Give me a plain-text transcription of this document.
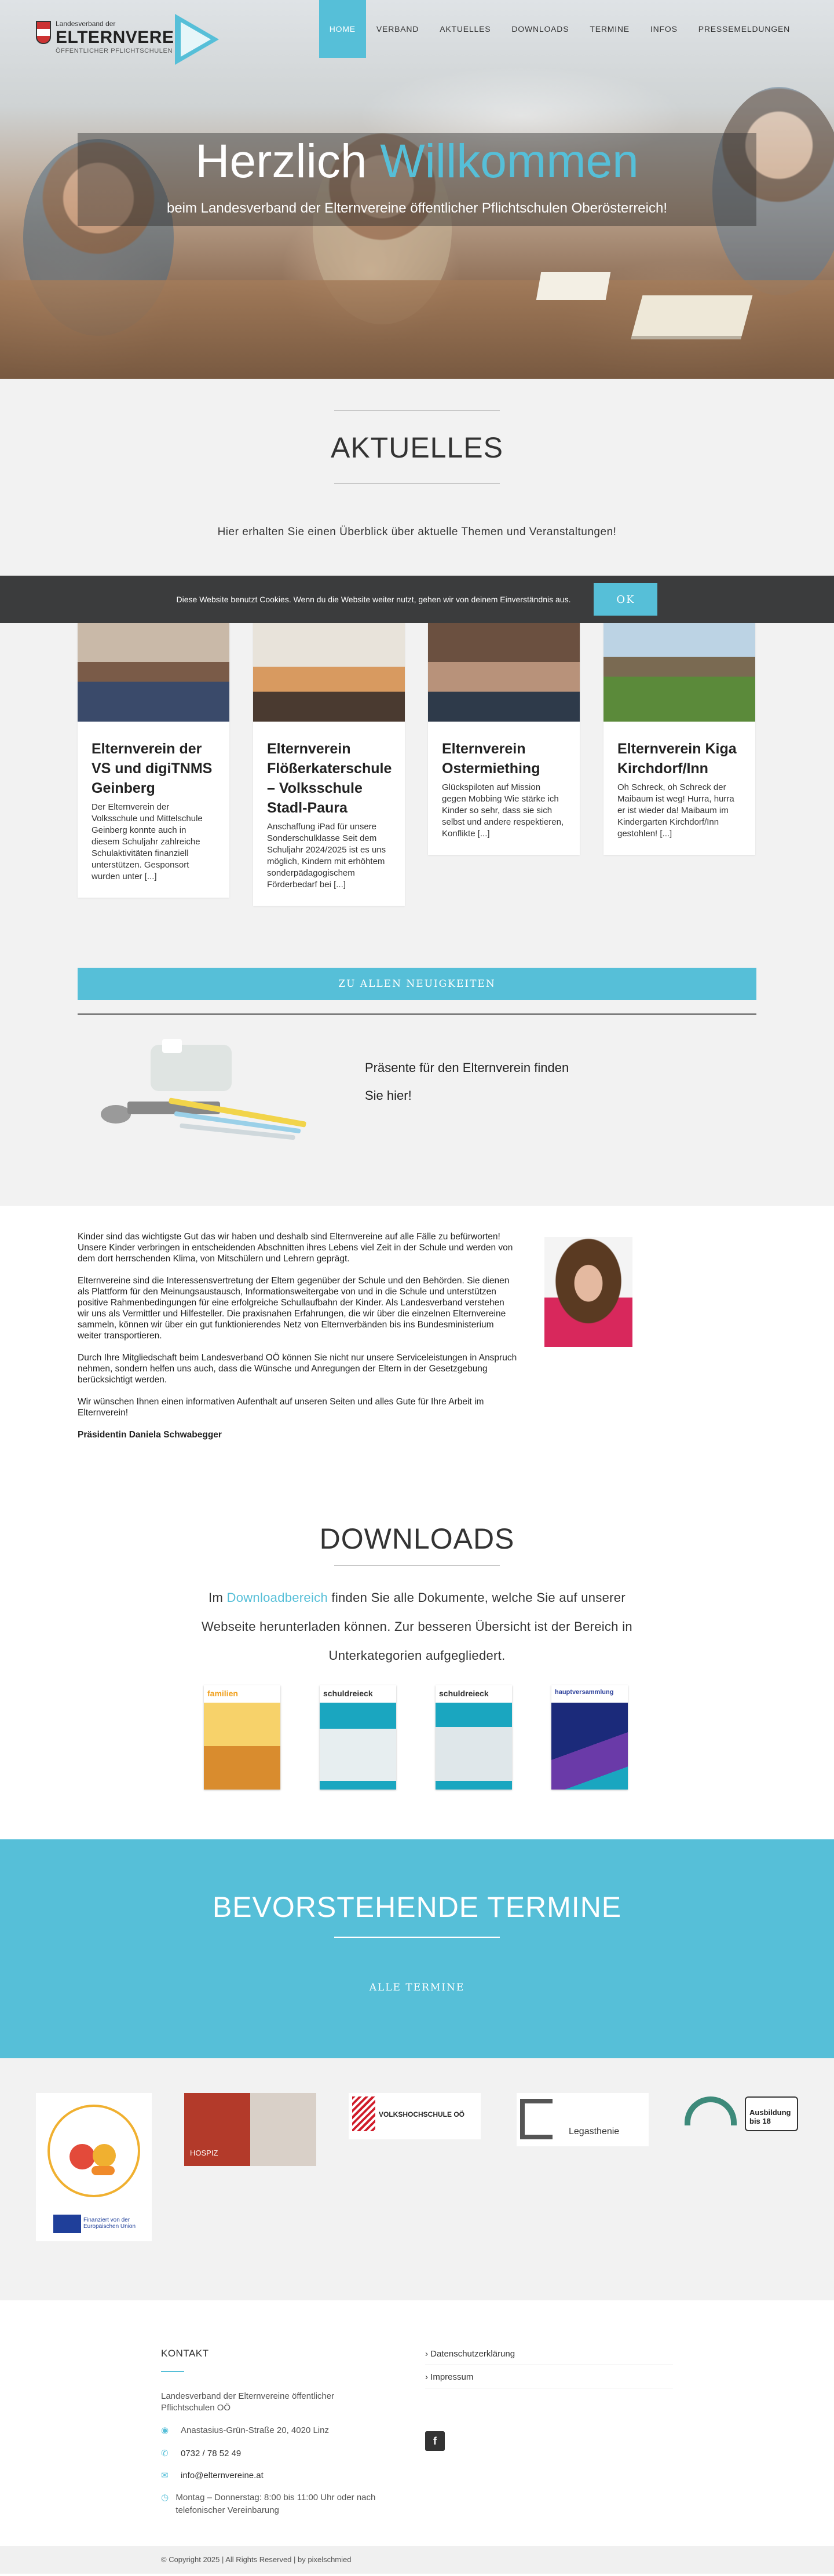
Landesverband der
ELTERNVEREINE
ÖFFENTLICHER PFLICHTSCHULEN
HOME	VERBAND	AKTUELLES	DOWNLOADS	TERMINE	INFOS	PRESSEMELDUNGEN
Herzlich Willkommen
beim Landesverband der Elternvereine öffentlicher Pflichtschulen Oberösterreich!
AKTUELLES

Hier erhalten Sie einen Überblick über aktuelle Themen und Veranstaltungen!

Diese Website benutzt Cookies. Wenn du die Website weiter nutzt, gehen wir von deinem Einverständnis aus.	OK
Elternverein der VS und digiTNMS Geinberg

Der Elternverein der Volksschule und Mittelschule Geinberg konnte auch in diesem Schuljahr zahlreiche Schulaktivitäten finanziell unterstützen. Gesponsort wurden unter [...]

Elternverein Flößerkaterschule – Volksschule Stadl-Paura

Anschaffung iPad für unsere Sonderschulklasse Seit dem Schuljahr 2024/2025 ist es uns möglich, Kindern mit erhöhtem sonderpädagogischem Förderbedarf bei [...]

Elternverein Ostermiething

Glückspiloten auf Mission gegen Mobbing Wie stärke ich Kinder so sehr, dass sie sich selbst und andere respektieren, Konflikte [...]

Elternverein Kiga Kirchdorf/Inn

Oh Schreck, oh Schreck der Maibaum ist weg! Hurra, hurra er ist wieder da! Maibaum im Kindergarten Kirchdorf/Inn gestohlen! [...]

ZU ALLEN NEUIGKEITEN

Präsente für den Elternverein finden Sie hier!

Kinder sind das wichtigste Gut das wir haben und deshalb sind Elternvereine auf alle Fälle zu befürworten! Unsere Kinder verbringen in entscheidenden Abschnitten ihres Lebens viel Zeit in der Schule und werden von dem dort herrschenden Klima, von Mitschülern und Lehrern geprägt.

Elternvereine sind die Interessensvertretung der Eltern gegenüber der Schule und den Behörden. Sie dienen als Plattform für den Meinungsaustausch, Informationsweitergabe von und in die Schule und unterstützen positive Rahmenbedingungen für eine erfolgreiche Schullaufbahn der Kinder. Als Landesverband verstehen wir uns als Vermittler und Hilfesteller. Die praxisnahen Erfahrungen, die wir über die einzelnen Elternvereine sammeln, können wir über ein gut funktionierendes Netz von Elternverbänden bis ins Bundesministerium weiter transportieren.

Durch Ihre Mitgliedschaft beim Landesverband OÖ können Sie nicht nur unsere Serviceleistungen in Anspruch nehmen, sondern helfen uns auch, dass die Wünsche und Anregungen der Eltern in der Gesetzgebung berücksichtigt werden.

Wir wünschen Ihnen einen informativen Aufenthalt auf unseren Seiten und alles Gute für Ihre Arbeit im Elternverein!

Präsidentin Daniela Schwabegger

DOWNLOADS

Im Downloadbereich finden Sie alle Dokumente, welche Sie auf unserer Webseite herunterladen können. Zur besseren Übersicht ist der Bereich in Unterkategorien aufgegliedert.

familien	schuldreieck	schuldreieck	hauptversammlung
BEVORSTEHENDE TERMINE
ALLE TERMINE
Finanziert von der Europäischen Union
HOSPIZ
VOLKSHOCHSCHULE OÖ
Legasthenie
Ausbildung bis 18
KONTAKT

Landesverband der Elternvereine öffentlicher Pflichtschulen OÖ

◉	Anastasius-Grün-Straße 20, 4020 Linz
✆	0732 / 78 52 49
✉	info@elternvereine.at
◷ Montag – Donnerstag: 8:00 bis 11:00 Uhr oder nach telefonischer Vereinbarung
› Datenschutzerklärung
› Impressum
f
© Copyright 2025 | All Rights Reserved | by pixelschmied
